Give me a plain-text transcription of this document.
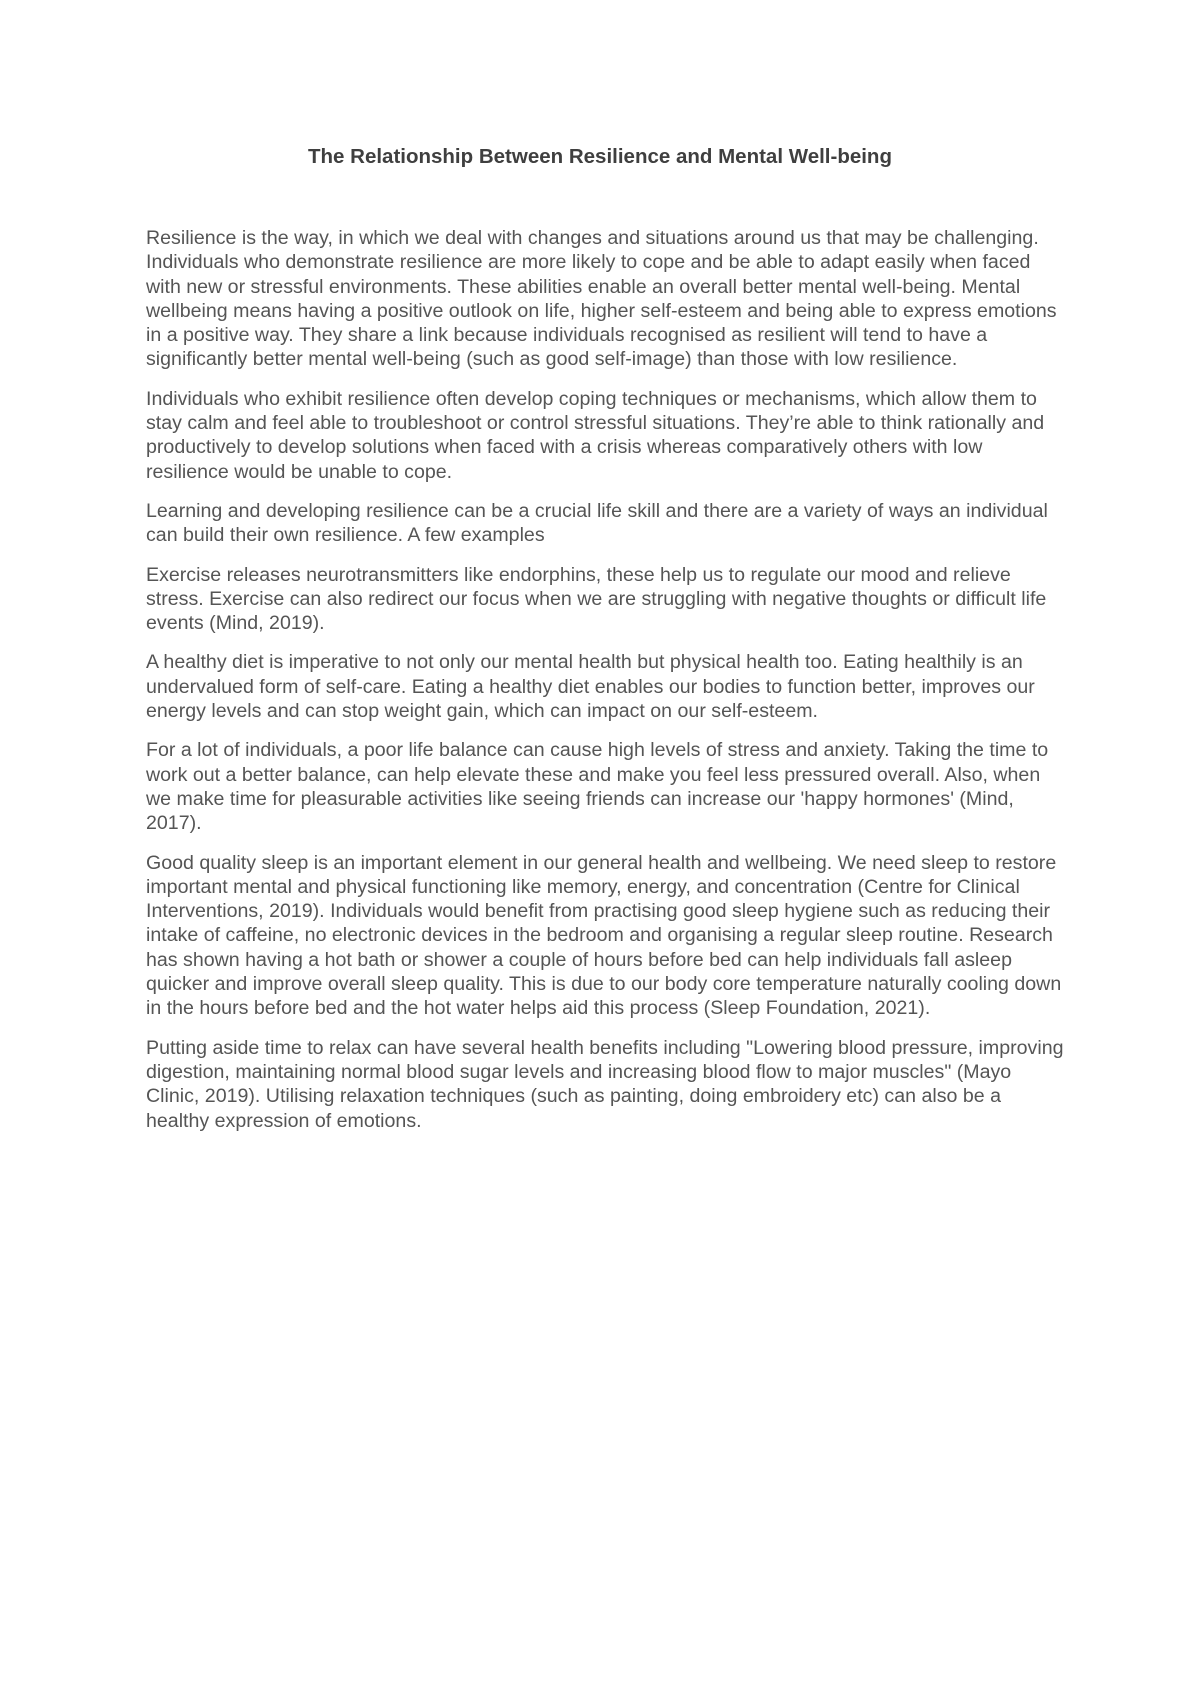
The Relationship Between Resilience and Mental Well-being

Resilience is the way, in which we deal with changes and situations around us that may be challenging. Individuals who demonstrate resilience are more likely to cope and be able to adapt easily when faced with new or stressful environments. These abilities enable an overall better mental well-being. Mental wellbeing means having a positive outlook on life, higher self-esteem and being able to express emotions in a positive way. They share a link because individuals recognised as resilient will tend to have a significantly better mental well-being (such as good self-image) than those with low resilience.

Individuals who exhibit resilience often develop coping techniques or mechanisms, which allow them to stay calm and feel able to troubleshoot or control stressful situations. They’re able to think rationally and productively to develop solutions when faced with a crisis whereas comparatively others with low resilience would be unable to cope.

Learning and developing resilience can be a crucial life skill and there are a variety of ways an individual can build their own resilience. A few examples

Exercise releases neurotransmitters like endorphins, these help us to regulate our mood and relieve stress. Exercise can also redirect our focus when we are struggling with negative thoughts or difficult life events (Mind, 2019).

A healthy diet is imperative to not only our mental health but physical health too. Eating healthily is an undervalued form of self-care. Eating a healthy diet enables our bodies to function better, improves our energy levels and can stop weight gain, which can impact on our self-esteem.

For a lot of individuals, a poor life balance can cause high levels of stress and anxiety. Taking the time to work out a better balance, can help elevate these and make you feel less pressured overall. Also, when we make time for pleasurable activities like seeing friends can increase our 'happy hormones' (Mind, 2017).

Good quality sleep is an important element in our general health and wellbeing. We need sleep to restore important mental and physical functioning like memory, energy, and concentration (Centre for Clinical Interventions, 2019). Individuals would benefit from practising good sleep hygiene such as reducing their intake of caffeine, no electronic devices in the bedroom and organising a regular sleep routine. Research has shown having a hot bath or shower a couple of hours before bed can help individuals fall asleep quicker and improve overall sleep quality. This is due to our body core temperature naturally cooling down in the hours before bed and the hot water helps aid this process (Sleep Foundation, 2021).

Putting aside time to relax can have several health benefits including "Lowering blood pressure, improving digestion, maintaining normal blood sugar levels and increasing blood flow to major muscles" (Mayo Clinic, 2019). Utilising relaxation techniques (such as painting, doing embroidery etc) can also be a healthy expression of emotions.
